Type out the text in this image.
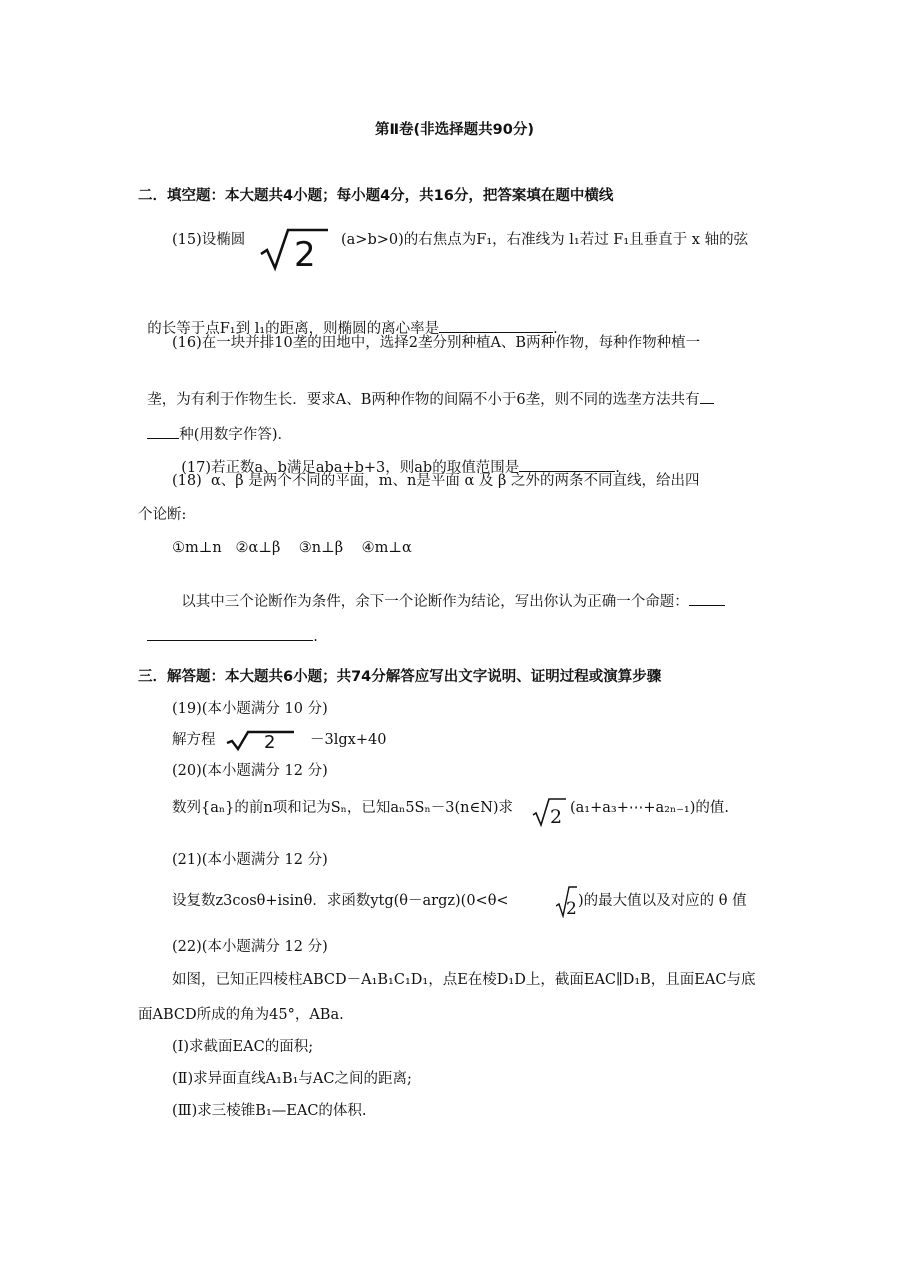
第Ⅱ卷(非选择题共90分)
二．填空题：本大题共4小题；每小题4分，共16分，把答案填在题中横线
(15)设椭圆 2 (a>b>0)的右焦点为F₁，右准线为 l₁若过 F₁且垂直于 x 轴的弦

的长等于点F₁到 l₁的距离，则椭圆的离心率是	.

(16)在一块并排10垄的田地中，选择2垄分别种植A、B两种作物，每种作物种植一

垄，为有利于作物生长．要求A、B两种作物的间隔不小于6垄，则不同的选垄方法共有

种(用数字作答)．

(17)若正数a、b满足aba+b+3，则ab的取值范围是	.

(18)  α、β 是两个不同的平面，m、n是平面 α 及 β 之外的两条不同直线，给出四
个论断:
①m⊥n   ②α⊥β    ③n⊥β    ④m⊥α

以其中三个论断作为条件，余下一个论断作为结论，写出你认为正确一个命题：

.

三．解答题：本大题共6小题；共74分解答应写出文字说明、证明过程或演算步骤
(19)(本小题满分 10 分)
解方程	2 －3lgx+40
(20)(本小题满分 12 分)
数列{aₙ}的前n项和记为Sₙ，已知aₙ5Sₙ－3(n∈N)求 2 (a₁+a₃+⋯+a₂ₙ₋₁)的值.
(21)(本小题满分 12 分)
设复数z3cosθ+isinθ．求函数ytg(θ－argz)(0<θ<	2 )的最大值以及对应的 θ 值
(22)(本小题满分 12 分)
如图，已知正四棱柱ABCD－A₁B₁C₁D₁，点E在棱D₁D上，截面EAC∥D₁B，且面EAC与底
面ABCD所成的角为45°，ABa.
(Ⅰ)求截面EAC的面积;
(Ⅱ)求异面直线A₁B₁与AC之间的距离;
(Ⅲ)求三棱锥B₁—EAC的体积.
